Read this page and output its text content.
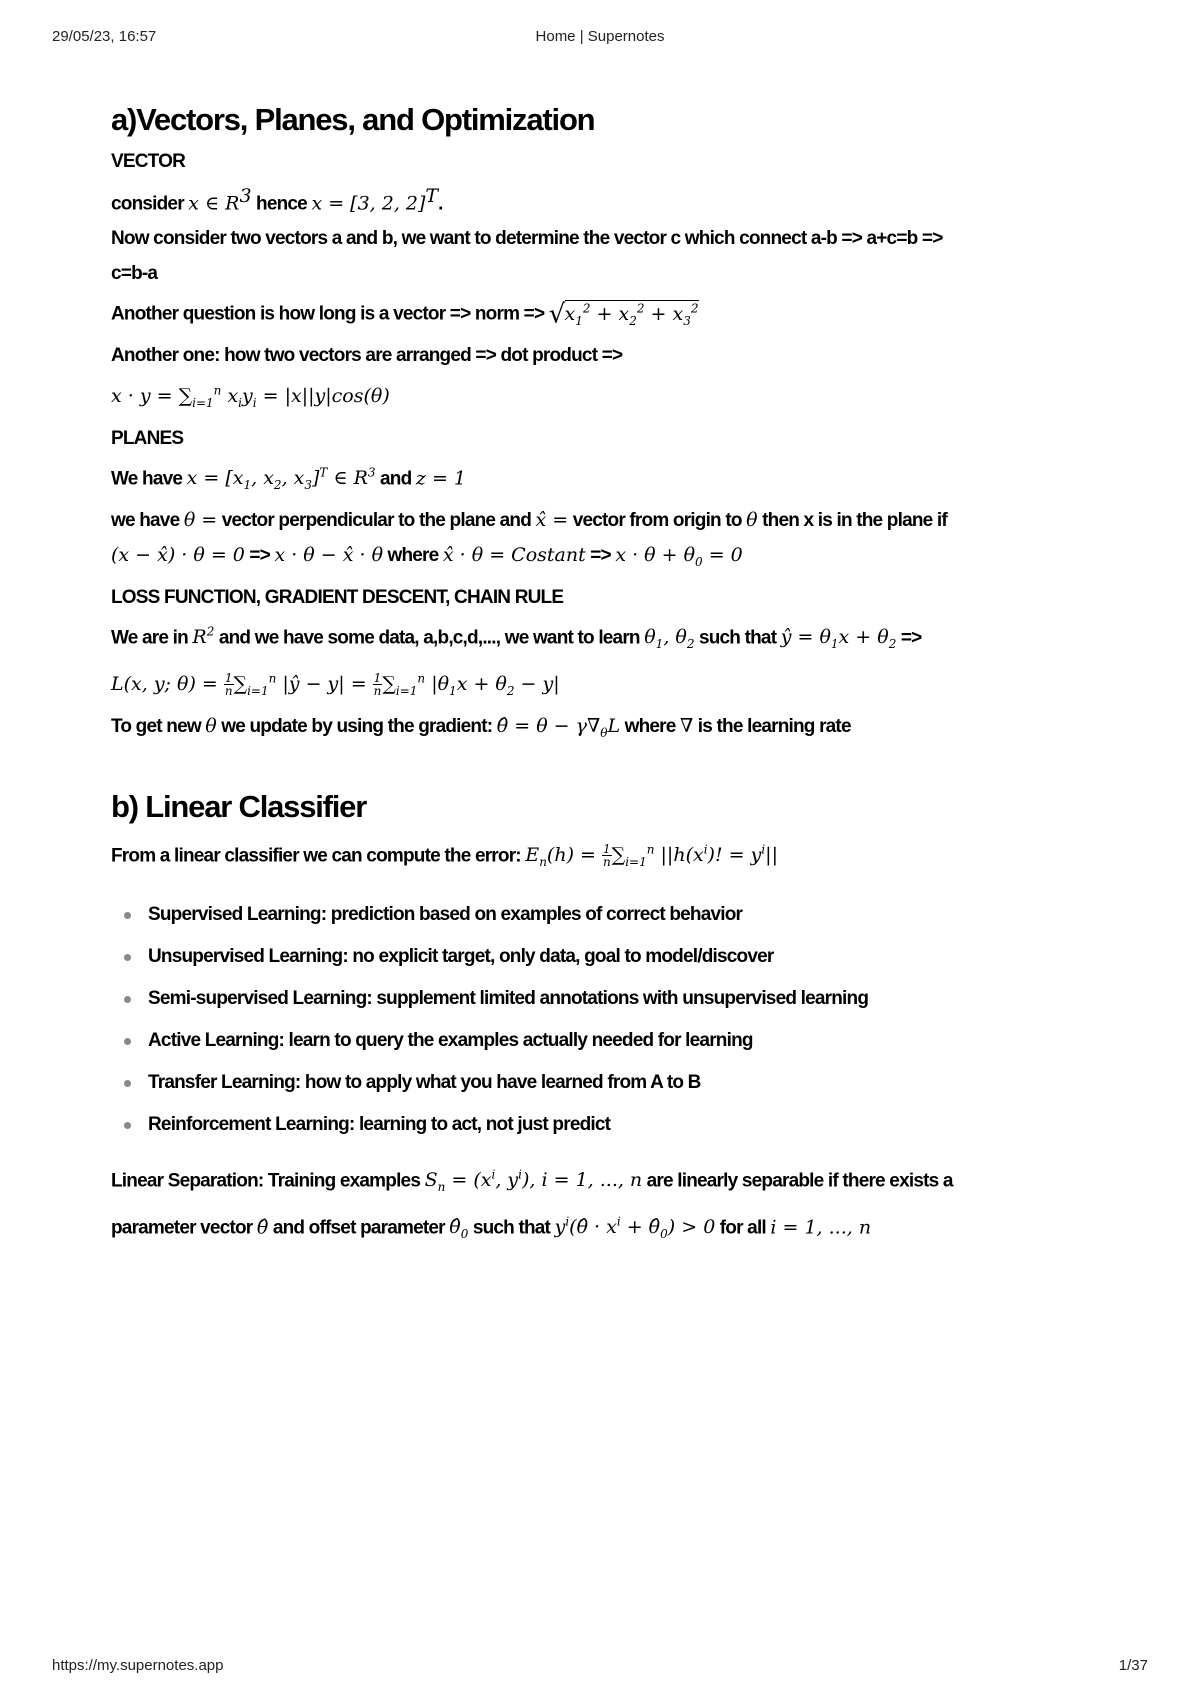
29/05/23, 16:57	Home | Supernotes
a)Vectors, Planes, and Optimization
VECTOR
consider x ∈ $R^3$ hence x = [3, 2, 2]$^T$.
Now consider two vectors a and b, we want to determine the vector c which connect a-b => a+c=b =>
c=b-a
Another question is how long is a vector => norm => $√x_1^2 + x_2^2 + x_3^2$
Another one: how two vectors are arranged => dot product =>
$x \cdot y = \sum_{i=1}^n$ $x_iy_i = |x||y|\cos(\theta)$
PLANES
We have $x = [x_1$, $x_2$, $x_3]^T$ ∈ $R^3$ and z = 1
we have θ = vector perpendicular to the plane and x̂ = vector from origin to θ then x is in the plane if
(x − x̂) · θ = 0 => x · θ − x̂ · θ where x̂ · $\theta = Costant => x \cdot \theta + \theta_0 = 0$
LOSS FUNCTION, GRADIENT DESCENT, CHAIN RULE
We are in $R^2$ and we have some data, a,b,c,d,..., we want to learn $\theta_1$, $\theta_2$ such that ŷ = $\theta_1x + \theta_2$ =>
L(x, y; $\theta) = \frac{1}{n} \sum_{i=1}^n$ |ŷ − $y| = \frac{1}{n} \sum_{i=1}^n$ $|\theta_1x + \theta_2 - y|$
To get new θ we update by using the gradient: θ̂ = $\theta - \gamma\nabla_\theta L$ where ∇ is the learning rate
b) Linear Classifier
From a linear classifier we can compute the error: $E_n(h) = \frac{1}{n} \sum_{i=1}^n$ $||h(x^i)$! = $y^i||$
Supervised Learning: prediction based on examples of correct behavior
Unsupervised Learning: no explicit target, only data, goal to model/discover
Semi-supervised Learning: supplement limited annotations with unsupervised learning
Active Learning: learn to query the examples actually needed for learning
Transfer Learning: how to apply what you have learned from A to B
Reinforcement Learning: learning to act, not just predict
Linear Separation: Training examples $S_n = (x^i$, $y^i$), i = 1, ..., n are linearly separable if there exists a
parameter vector θ̂ and offset parameter $\thetâ_0$ such that $y^i(\thetâ \cdot x^i$ + $\thetâ_0) > 0$ for all i = 1, ..., n
https://my.supernotes.app	1/37
